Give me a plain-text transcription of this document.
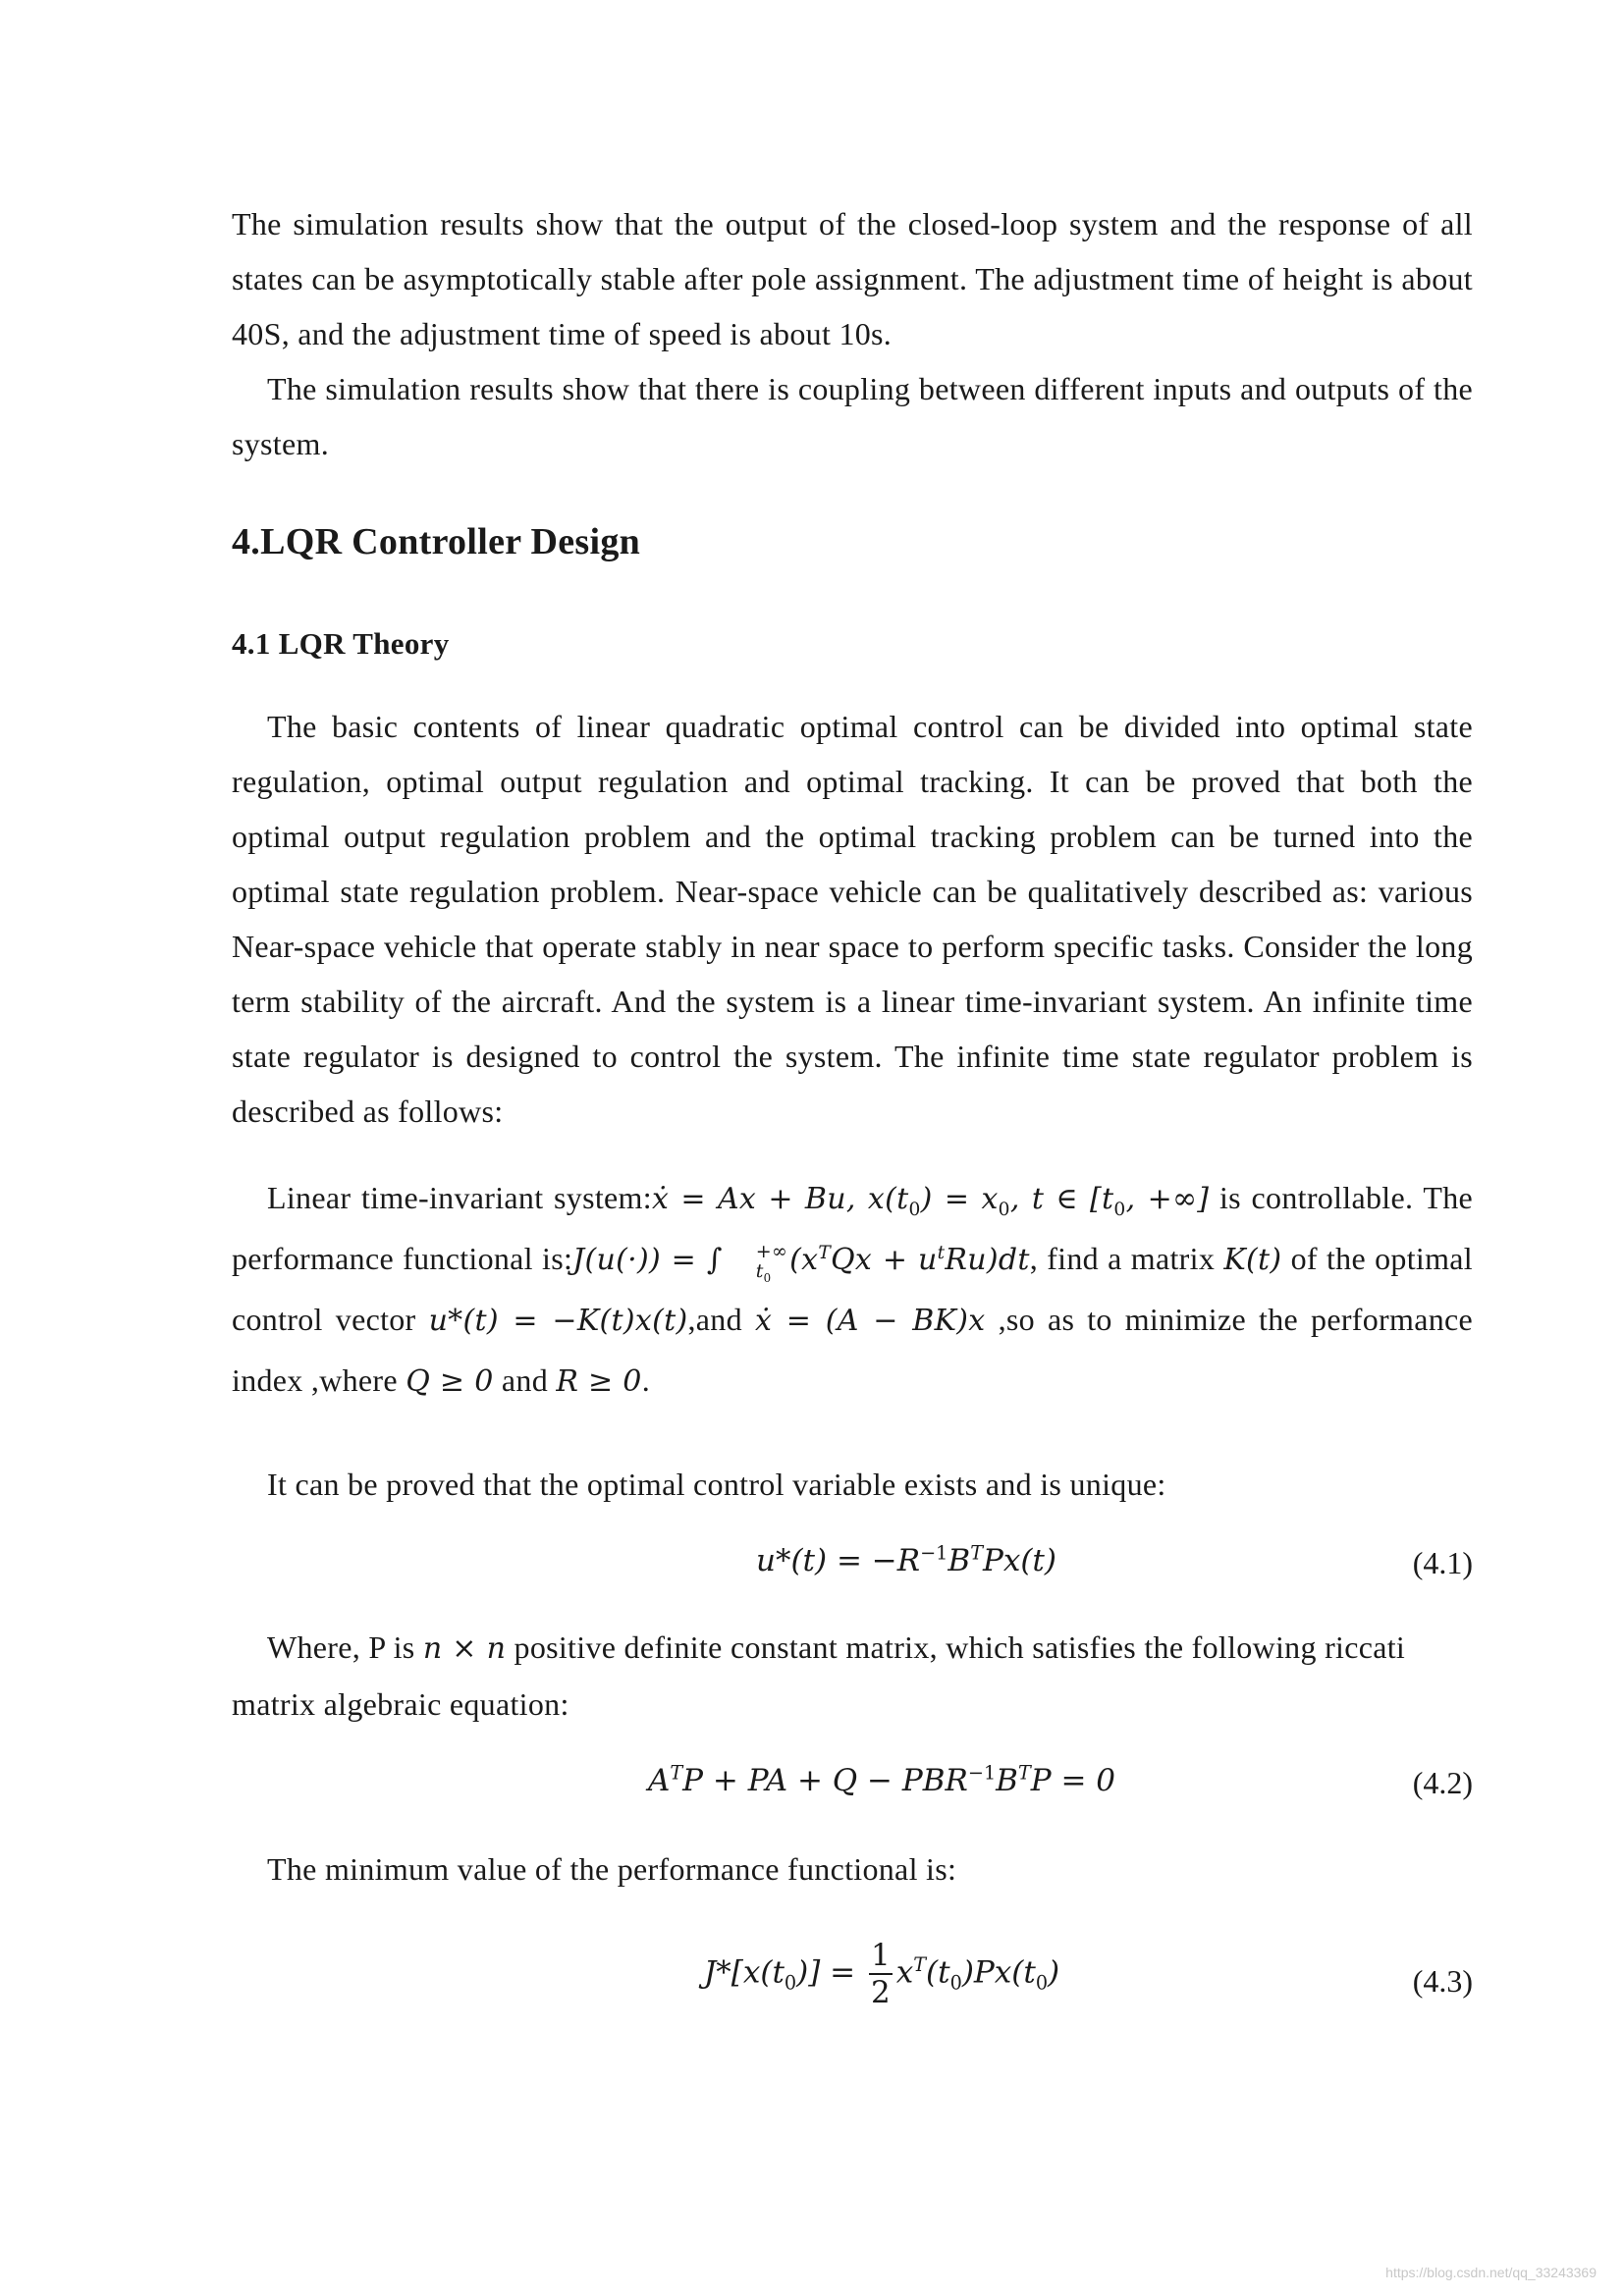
The simulation results show that the output of the closed-loop system and the response of all states can be asymptotically stable after pole assignment. The adjustment time of height is about 40S, and the adjustment time of speed is about 10s.

The simulation results show that there is coupling between different inputs and outputs of the system.

4.LQR Controller Design
4.1 LQR Theory

The basic contents of linear quadratic optimal control can be divided into optimal state regulation, optimal output regulation and optimal tracking. It can be proved that both the optimal output regulation problem and the optimal tracking problem can be turned into the optimal state regulation problem. Near-space vehicle can be qualitatively described as: various Near-space vehicle that operate stably in near space to perform specific tasks. Consider the long term stability of the aircraft. And the system is a linear time-invariant system. An infinite time state regulator is designed to control the system. The infinite time state regulator problem is described as follows:

Linear time-invariant system:ẋ = Ax + Bu, $x(t_0) = x_0$, t ∈ [$t_0$, +∞] is controllable. The performance functional is:J(u(·)) = ∫	+∞
$t_0$
$(x^TQx + u^tRu)dt$, find a matrix K(t) of the optimal control vector u*(t) = −K(t)x(t),and ẋ = (A − BK)x ,so as to minimize the performance index ,where Q ≥ 0 and R ≥ 0.

It can be proved that the optimal control variable exists and is unique:

$u*(t) = -R^{-1}B^TPx(t)$	(4.1)

Where, P is n × n positive definite constant matrix, which satisfies the following riccati matrix algebraic equation:

$A^TP$ + PA + $Q - PBR^{-1}B^TP = 0$	(4.2)

The minimum value of the performance functional is:

$J*[x(t_0)] = \frac{1}{2} x^T(t_0)Px(t_0)$	(4.3)
https://blog.csdn.net/qq_33243369
